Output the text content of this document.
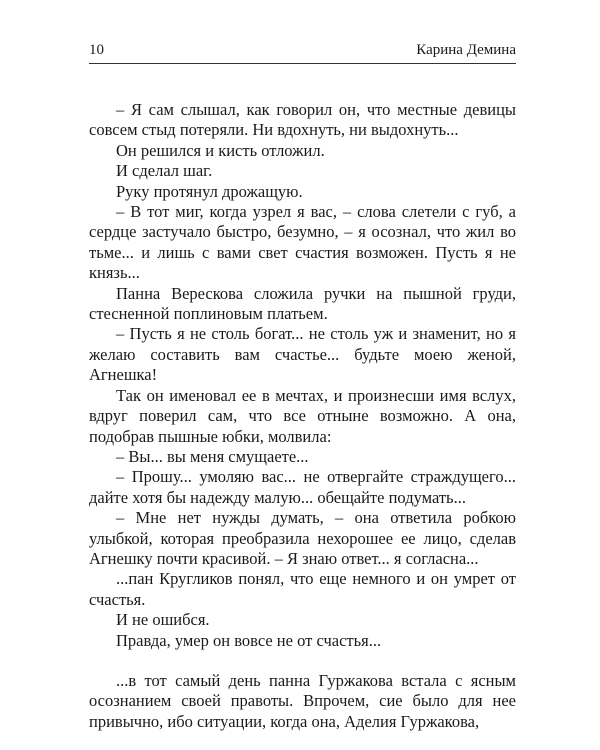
10	Карина Демина

– Я сам слышал, как говорил он, что местные девицы совсем стыд потеряли. Ни вдохнуть, ни выдохнуть...

Он решился и кисть отложил.

И сделал шаг.

Руку протянул дрожащую.

– В тот миг, когда узрел я вас, – слова слетели с губ, а сердце застучало быстро, безумно, – я осознал, что жил во тьме... и лишь с вами свет счастия возможен. Пусть я не князь...

Панна Верескова сложила ручки на пышной груди, стесненной поплиновым платьем.

– Пусть я не столь богат... не столь уж и знаменит, но я желаю составить вам счастье... будьте моею женой, Агнешка!

Так он именовал ее в мечтах, и произнесши имя вслух, вдруг поверил сам, что все отныне возможно. А она, подобрав пышные юбки, молвила:

– Вы... вы меня смущаете...

– Прошу... умоляю вас... не отвергайте страждущего... дайте хотя бы надежду малую... обещайте подумать...

– Мне нет нужды думать, – она ответила робкою улыбкой, которая преобразила нехорошее ее лицо, сделав Агнешку почти красивой. – Я знаю ответ... я согласна...

...пан Кругликов понял, что еще немного и он умрет от счастья.

И не ошибся.

Правда, умер он вовсе не от счастья...

...в тот самый день панна Гуржакова встала с ясным осознанием своей правоты. Впрочем, сие было для нее привычно, ибо ситуации, когда она, Аделия Гуржакова,
